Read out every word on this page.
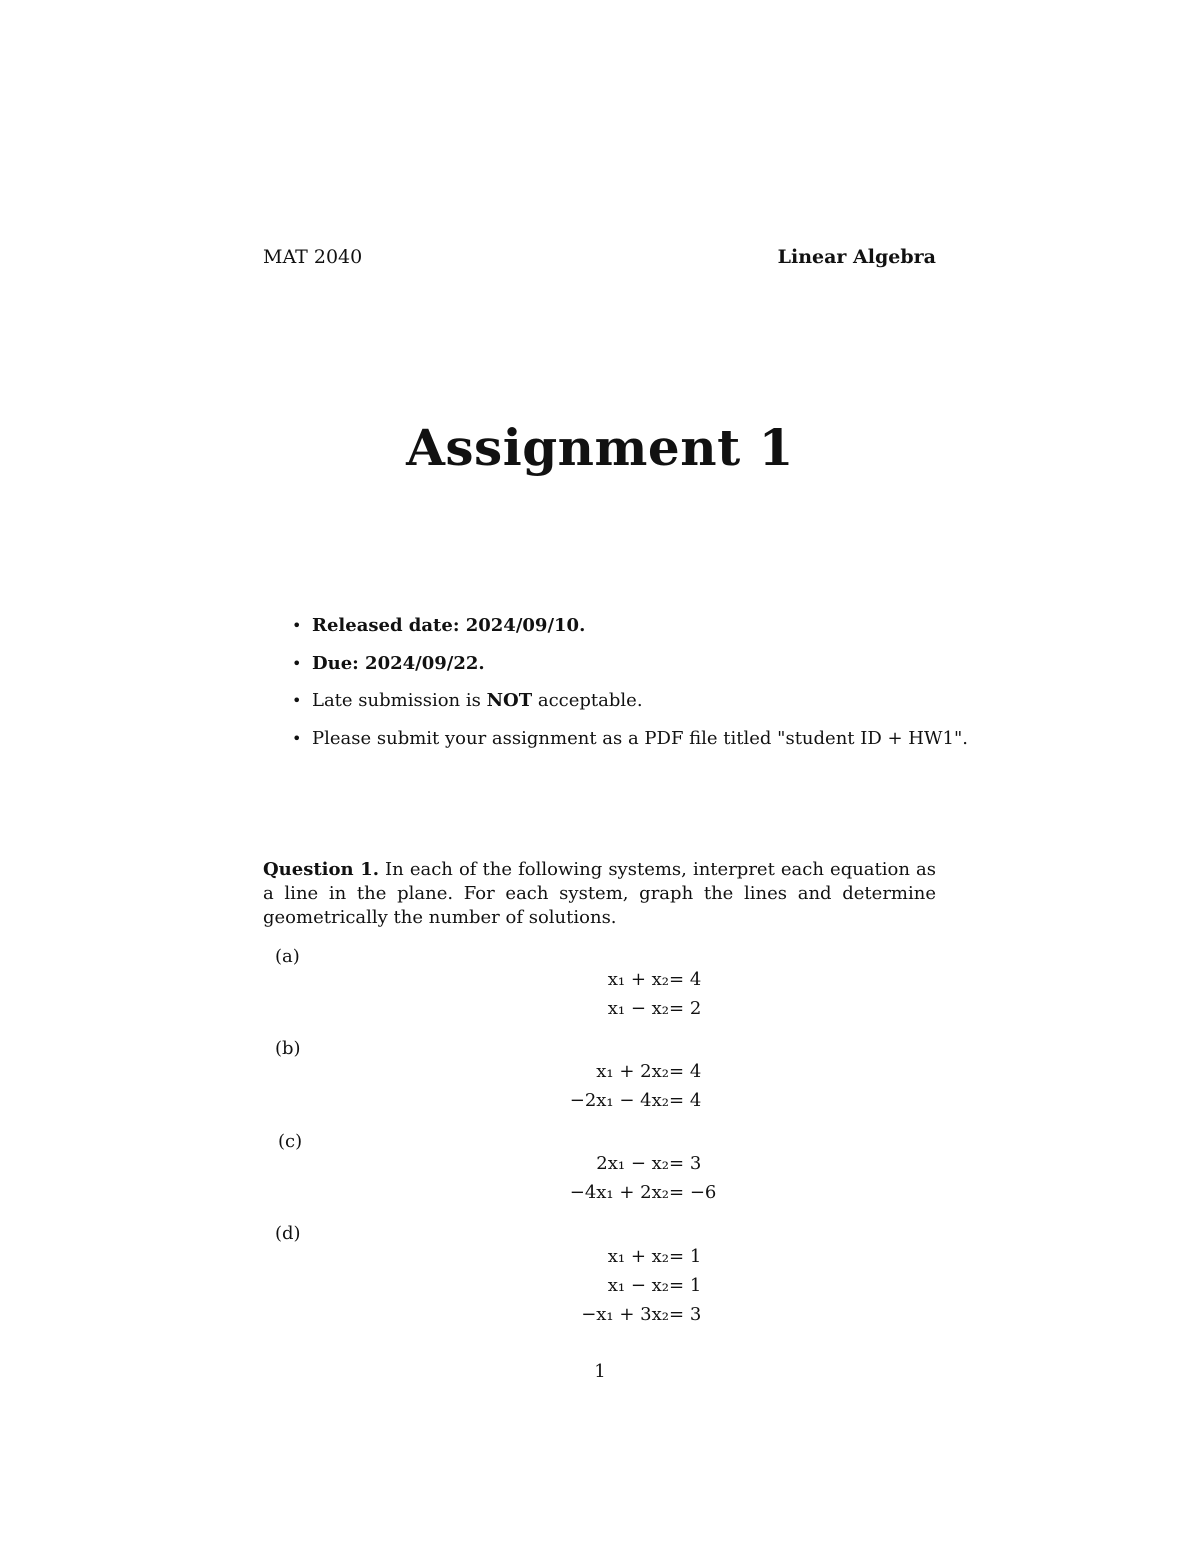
MAT 2040	Linear Algebra
Assignment 1
• Released date: 2024/09/10.
• Due: 2024/09/22.
• Late submission is NOT acceptable.
• Please submit your assignment as a PDF file titled "student ID + HW1".
Question 1. In each of the following systems, interpret each equation as a line in the plane. For each system, graph the lines and determine geometrically the number of solutions.
(a)
x₁ + x₂ = 4
x₁ − x₂ = 2
(b)
x₁ + 2x₂ = 4
−2x₁ − 4x₂ = 4
(c)
2x₁ − x₂ = 3
−4x₁ + 2x₂ = −6
(d)
x₁ + x₂ = 1
x₁ − x₂ = 1
−x₁ + 3x₂ = 3
1
